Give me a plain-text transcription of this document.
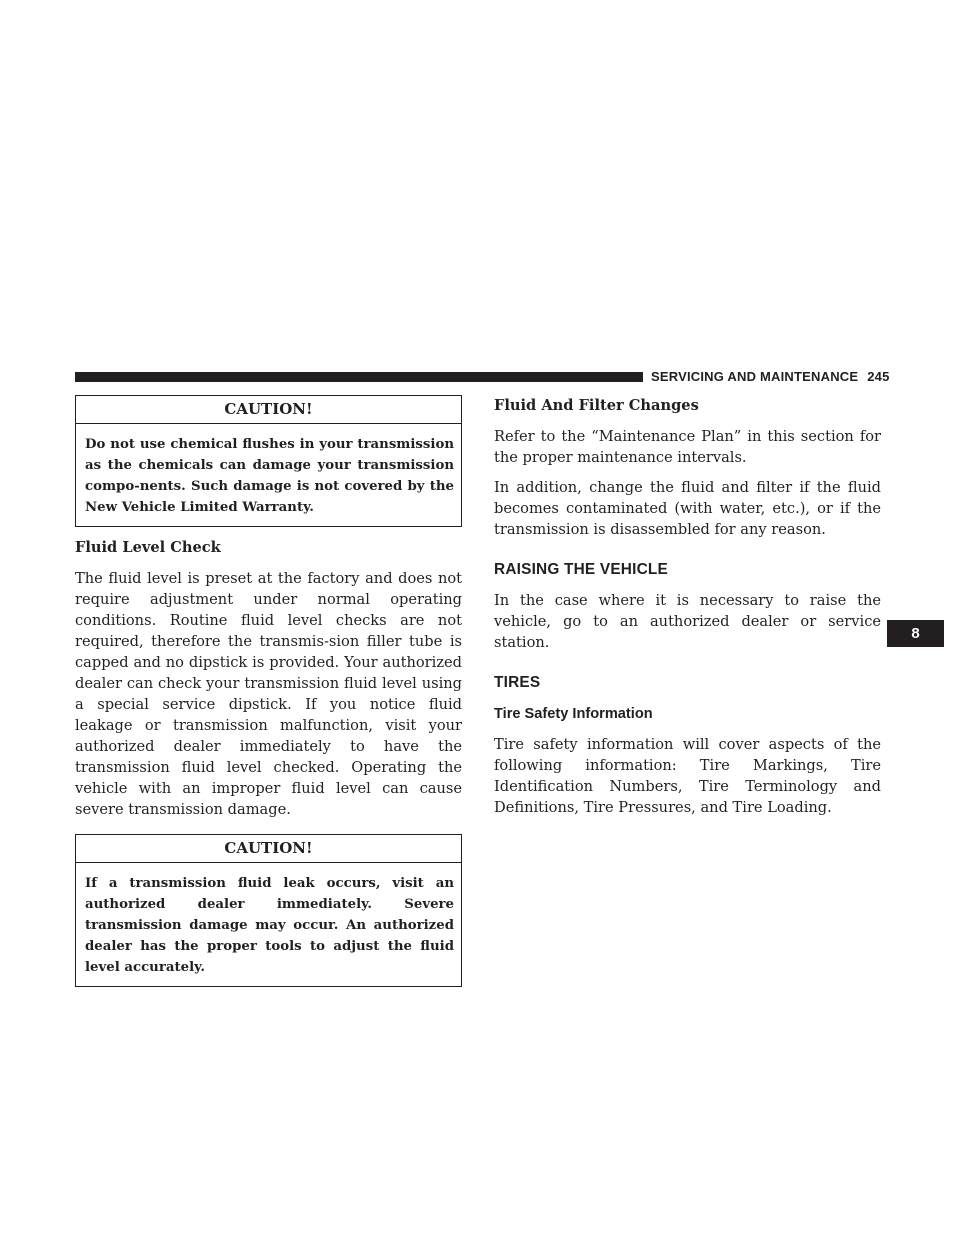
SERVICING AND MAINTENANCE 245
CAUTION!
Do not use chemical flushes in your transmission as the chemicals can damage your transmission compo-nents. Such damage is not covered by the New Vehicle Limited Warranty.
Fluid Level Check

The fluid level is preset at the factory and does not require adjustment under normal operating conditions. Routine fluid level checks are not required, therefore the transmis-sion filler tube is capped and no dipstick is provided. Your authorized dealer can check your transmission fluid level using a special service dipstick. If you notice fluid leakage or transmission malfunction, visit your authorized dealer immediately to have the transmission fluid level checked. Operating the vehicle with an improper fluid level can cause severe transmission damage.

CAUTION!
If a transmission fluid leak occurs, visit an authorized dealer immediately. Severe transmission damage may occur. An authorized dealer has the proper tools to adjust the fluid level accurately.
Fluid And Filter Changes

Refer to the “Maintenance Plan” in this section for the proper maintenance intervals.

In addition, change the fluid and filter if the fluid becomes contaminated (with water, etc.), or if the transmission is disassembled for any reason.

RAISING THE VEHICLE

In the case where it is necessary to raise the vehicle, go to an authorized dealer or service station.

TIRES
Tire Safety Information

Tire safety information will cover aspects of the following information: Tire Markings, Tire Identification Numbers, Tire Terminology and Definitions, Tire Pressures, and Tire Loading.

8
